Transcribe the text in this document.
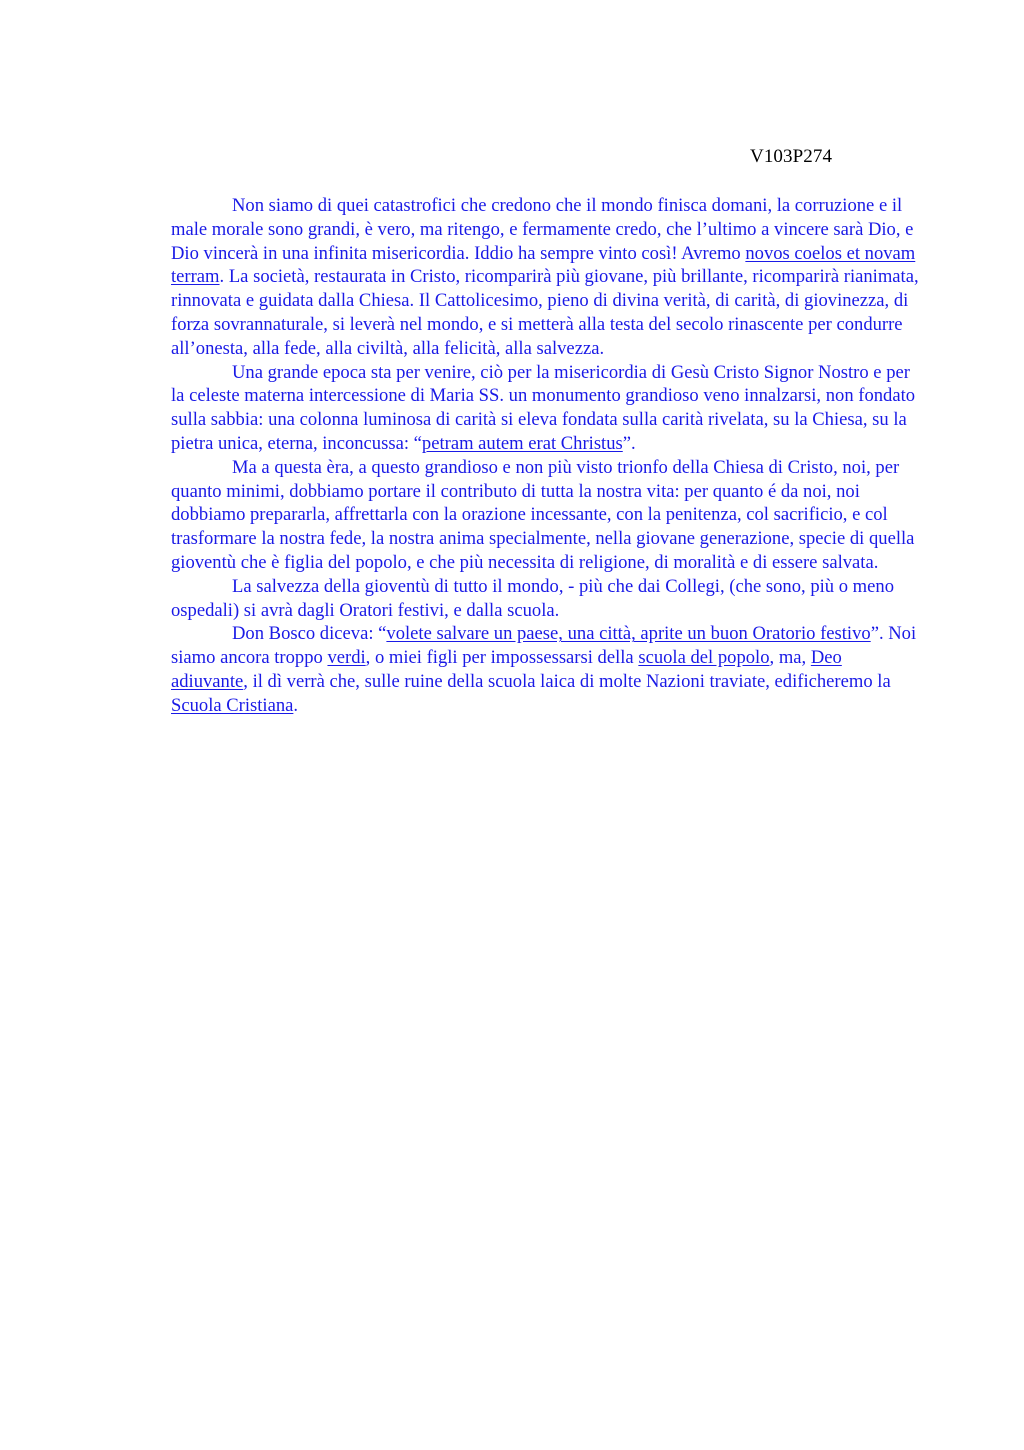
V103P274

Non siamo di quei catastrofici che credono che il mondo finisca domani, la corruzione e il male morale sono grandi, è vero, ma ritengo, e fermamente credo, che l’ultimo a vincere sarà Dio, e Dio vincerà in una infinita misericordia. Iddio ha sempre vinto così! Avremo novos coelos et novam terram. La società, restaurata in Cristo, ricomparirà più giovane, più brillante, ricomparirà rianimata, rinnovata e guidata dalla Chiesa. Il Cattolicesimo, pieno di divina verità, di carità, di giovinezza, di forza sovrannaturale, si leverà nel mondo, e si metterà alla testa del secolo rinascente per condurre all’onesta, alla fede, alla civiltà, alla felicità, alla salvezza.

Una grande epoca sta per venire, ciò per la misericordia di Gesù Cristo Signor Nostro e per la celeste materna intercessione di Maria SS. un monumento grandioso veno innalzarsi, non fondato sulla sabbia: una colonna luminosa di carità si eleva fondata sulla carità rivelata, su la Chiesa, su la pietra unica, eterna, inconcussa: “petram autem erat Christus”.

Ma a questa èra, a questo grandioso e non più visto trionfo della Chiesa di Cristo, noi, per quanto minimi, dobbiamo portare il contributo di tutta la nostra vita: per quanto é da noi, noi dobbiamo prepararla, affrettarla con la orazione incessante, con la penitenza, col sacrificio, e col trasformare la nostra fede, la nostra anima specialmente, nella giovane generazione, specie di quella gioventù che è figlia del popolo, e che più necessita di religione, di moralità e di essere salvata.

La salvezza della gioventù di tutto il mondo, - più che dai Collegi, (che sono, più o meno ospedali) si avrà dagli Oratori festivi, e dalla scuola.

Don Bosco diceva: “volete salvare un paese, una città, aprite un buon Oratorio festivo”. Noi siamo ancora troppo verdi, o miei figli per impossessarsi della scuola del popolo, ma, Deo adiuvante, il dì verrà che, sulle ruine della scuola laica di molte Nazioni traviate, edificheremo la Scuola Cristiana.
